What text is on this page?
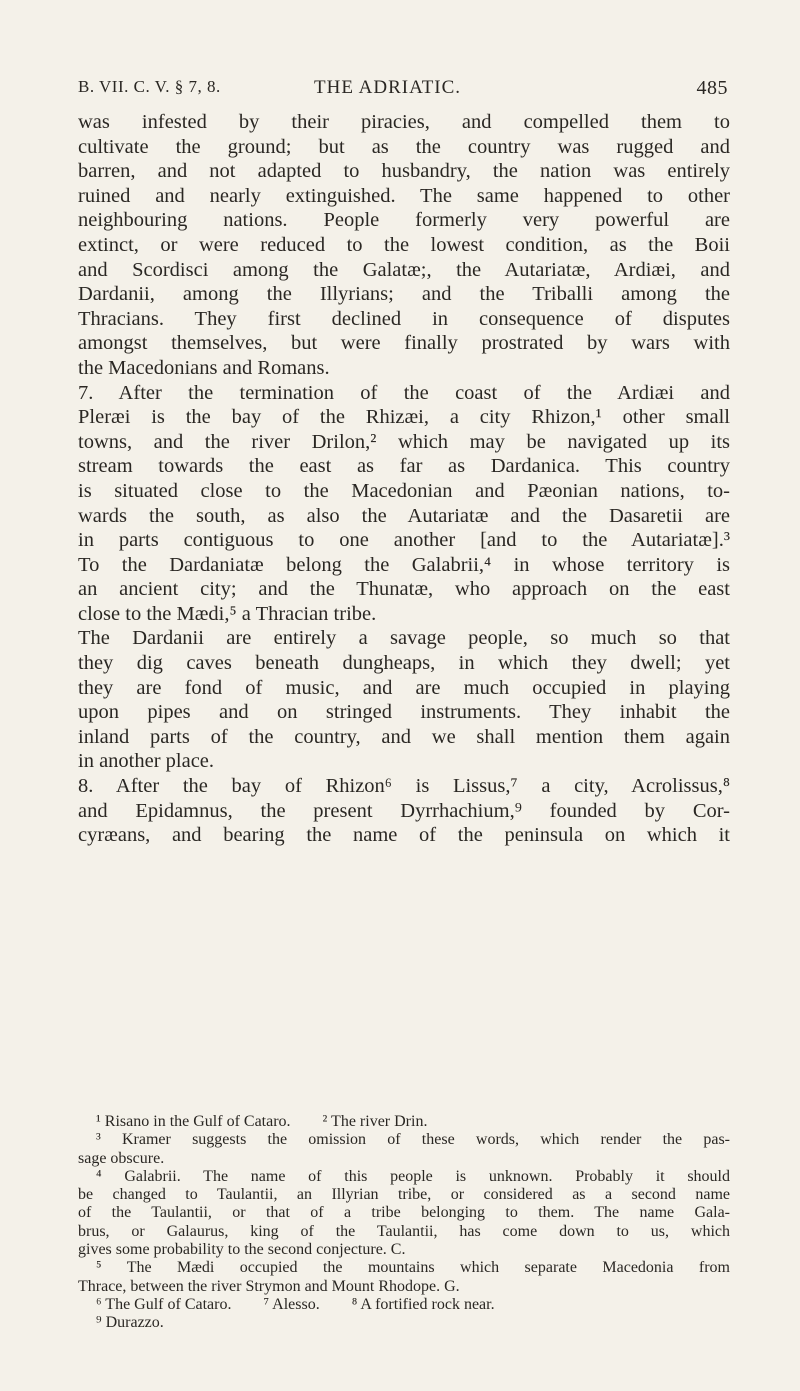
B. VII. C. V. § 7, 8.	THE ADRIATIC.	485
was infested by their piracies, and compelled them to
cultivate the ground; but as the country was rugged and
barren, and not adapted to husbandry, the nation was entirely
ruined and nearly extinguished. The same happened to other
neighbouring nations. People formerly very powerful are
extinct, or were reduced to the lowest condition, as the Boii
and Scordisci among the Galatæ;, the Autariatæ, Ardiæi, and
Dardanii, among the Illyrians; and the Triballi among the
Thracians. They first declined in consequence of disputes
amongst themselves, but were finally prostrated by wars with
the Macedonians and Romans.
7. After the termination of the coast of the Ardiæi and
Pleræi is the bay of the Rhizæi, a city Rhizon,¹ other small
towns, and the river Drilon,² which may be navigated up its
stream towards the east as far as Dardanica. This country
is situated close to the Macedonian and Pæonian nations, to-
wards the south, as also the Autariatæ and the Dasaretii are
in parts contiguous to one another [and to the Autariatæ].³
To the Dardaniatæ belong the Galabrii,⁴ in whose territory is
an ancient city; and the Thunatæ, who approach on the east
close to the Mædi,⁵ a Thracian tribe.
The Dardanii are entirely a savage people, so much so that
they dig caves beneath dungheaps, in which they dwell; yet
they are fond of music, and are much occupied in playing
upon pipes and on stringed instruments. They inhabit the
inland parts of the country, and we shall mention them again
in another place.
8. After the bay of Rhizon⁶ is Lissus,⁷ a city, Acrolissus,⁸
and Epidamnus, the present Dyrrhachium,⁹ founded by Cor-
cyræans, and bearing the name of the peninsula on which it
¹ Risano in the Gulf of Cataro.        ² The river Drin.
³ Kramer suggests the omission of these words, which render the pas-
sage obscure.
⁴ Galabrii. The name of this people is unknown. Probably it should
be changed to Taulantii, an Illyrian tribe, or considered as a second name
of the Taulantii, or that of a tribe belonging to them. The name Gala-
brus, or Galaurus, king of the Taulantii, has come down to us, which
gives some probability to the second conjecture. C.
⁵ The Mædi occupied the mountains which separate Macedonia from
Thrace, between the river Strymon and Mount Rhodope. G.
⁶ The Gulf of Cataro.        ⁷ Alesso.        ⁸ A fortified rock near.
⁹ Durazzo.
